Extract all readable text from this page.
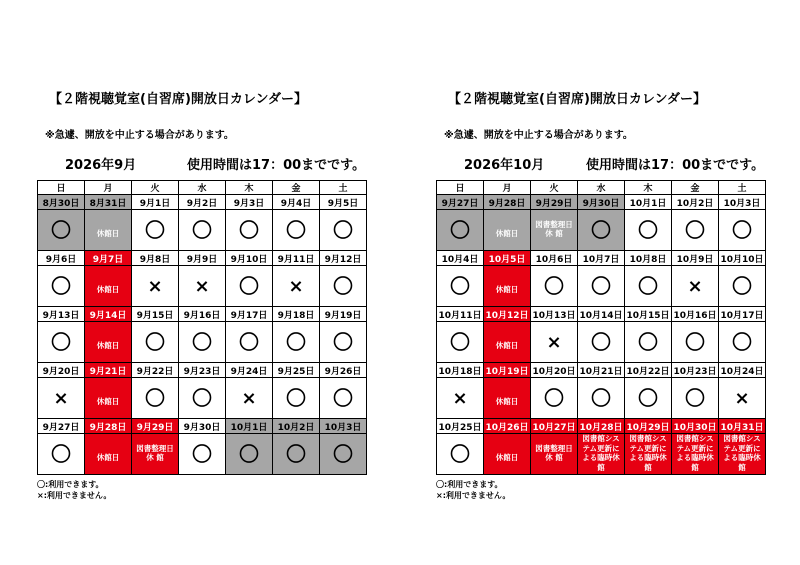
【２階視聴覚室(自習席)開放日カレンダー】
※急遽、開放を中止する場合があります。
2026年9月	使用時間は17：00までです。
日	月	火	水	木	金	土
8月30日	8月31日	9月1日	9月2日	9月3日	9月4日	9月5日
〇	休館日	〇	〇	〇	〇	〇
9月6日	9月7日	9月8日	9月9日	9月10日	9月11日	9月12日
〇	休館日	×	×	〇	×	〇
9月13日	9月14日	9月15日	9月16日	9月17日	9月18日	9月19日
〇	休館日	〇	〇	〇	〇	〇
9月20日	9月21日	9月22日	9月23日	9月24日	9月25日	9月26日
×	休館日	〇	〇	×	〇	〇
9月27日	9月28日	9月29日	9月30日	10月1日	10月2日	10月3日
〇	休館日	図書整理日 休 館	〇	〇	〇	〇
〇:利用できます。
×:利用できません。
【２階視聴覚室(自習席)開放日カレンダー】
※急遽、開放を中止する場合があります。
2026年10月	使用時間は17：00までです。
日	月	火	水	木	金	土
9月27日	9月28日	9月29日	9月30日	10月1日	10月2日	10月3日
〇	休館日	図書整理日 休 館	〇	〇	〇	〇
10月4日	10月5日	10月6日	10月7日	10月8日	10月9日	10月10日
〇	休館日	〇	〇	〇	×	〇
10月11日	10月12日	10月13日	10月14日	10月15日	10月16日	10月17日
〇	休館日	×	〇	〇	〇	〇
10月18日	10月19日	10月20日	10月21日	10月22日	10月23日	10月24日
×	休館日	〇	〇	〇	〇	×
10月25日	10月26日	10月27日	10月28日	10月29日	10月30日	10月31日
〇	休館日	図書整理日 休 館	図書館システム更新による臨時休館	図書館システム更新による臨時休館	図書館システム更新による臨時休館	図書館システム更新による臨時休館
〇:利用できます。
×:利用できません。
